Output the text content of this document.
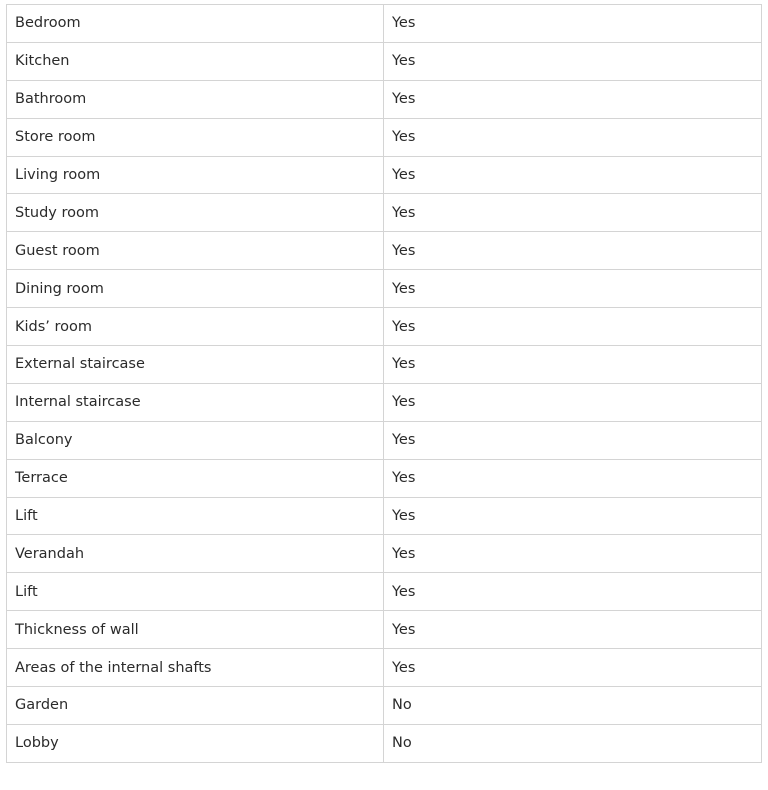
Bedroom	Yes
Kitchen	Yes
Bathroom	Yes
Store room	Yes
Living room	Yes
Study room	Yes
Guest room	Yes
Dining room	Yes
Kids’ room	Yes
External staircase	Yes
Internal staircase	Yes
Balcony	Yes
Terrace	Yes
Lift	Yes
Verandah	Yes
Lift	Yes
Thickness of wall	Yes
Areas of the internal shafts	Yes
Garden	No
Lobby	No
